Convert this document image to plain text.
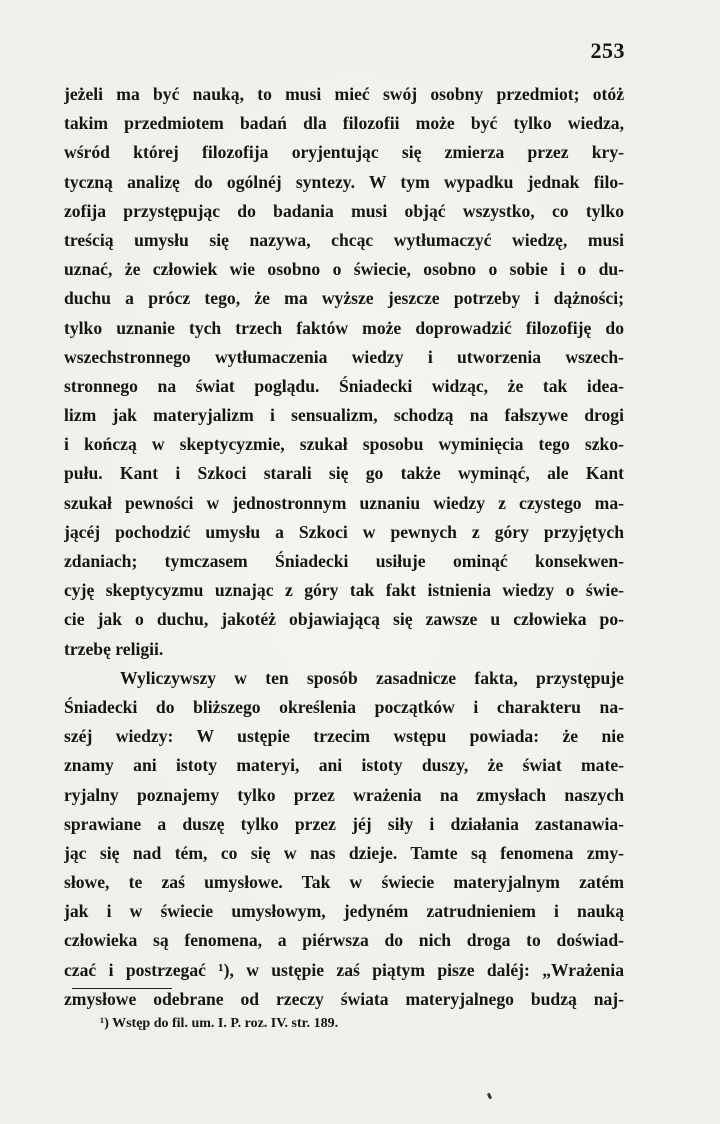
253
jeżeli ma być nauką, to musi mieć swój osobny przedmiot; otóż
takim przedmiotem badań dla filozofii może być tylko wiedza,
wśród której filozofija oryjentując się zmierza przez kry-
tyczną analizę do ogólnéj syntezy. W tym wypadku jednak filo-
zofija przystępując do badania musi objąć wszystko, co tylko
treścią umysłu się nazywa, chcąc wytłumaczyć wiedzę, musi
uznać, że człowiek wie osobno o świecie, osobno o sobie i o du-
duchu a prócz tego, że ma wyższe jeszcze potrzeby i dążności;
tylko uznanie tych trzech faktów może doprowadzić filozofiję do
wszechstronnego wytłumaczenia wiedzy i utworzenia wszech-
stronnego na świat poglądu. Śniadecki widząc, że tak idea-
lizm jak materyjalizm i sensualizm, schodzą na fałszywe drogi
i kończą w skeptycyzmie, szukał sposobu wyminięcia tego szko-
pułu. Kant i Szkoci starali się go także wyminąć, ale Kant
szukał pewności w jednostronnym uznaniu wiedzy z czystego ma-
jącéj pochodzić umysłu a Szkoci w pewnych z góry przyjętych
zdaniach; tymczasem Śniadecki usiłuje ominąć konsekwen-
cyję skeptycyzmu uznając z góry tak fakt istnienia wiedzy o świe-
cie jak o duchu, jakotéż objawiającą się zawsze u człowieka po-
trzebę religii.
Wyliczywszy w ten sposób zasadnicze fakta, przystępuje
Śniadecki do bliższego określenia początków i charakteru na-
széj wiedzy: W ustępie trzecim wstępu powiada: że nie
znamy ani istoty materyi, ani istoty duszy, że świat mate-
ryjalny poznajemy tylko przez wrażenia na zmysłach naszych
sprawiane a duszę tylko przez jéj siły i działania zastanawia-
jąc się nad tém, co się w nas dzieje. Tamte są fenomena zmy-
słowe, te zaś umysłowe. Tak w świecie materyjalnym zatém
jak i w świecie umysłowym, jedyném zatrudnieniem i nauką
człowieka są fenomena, a piérwsza do nich droga to doświad-
czać i postrzegać ¹), w ustępie zaś piątym pisze daléj: „Wrażenia
zmysłowe odebrane od rzeczy świata materyjalnego budzą naj-
¹) Wstęp do fil. um. I. P. roz. IV. str. 189.
